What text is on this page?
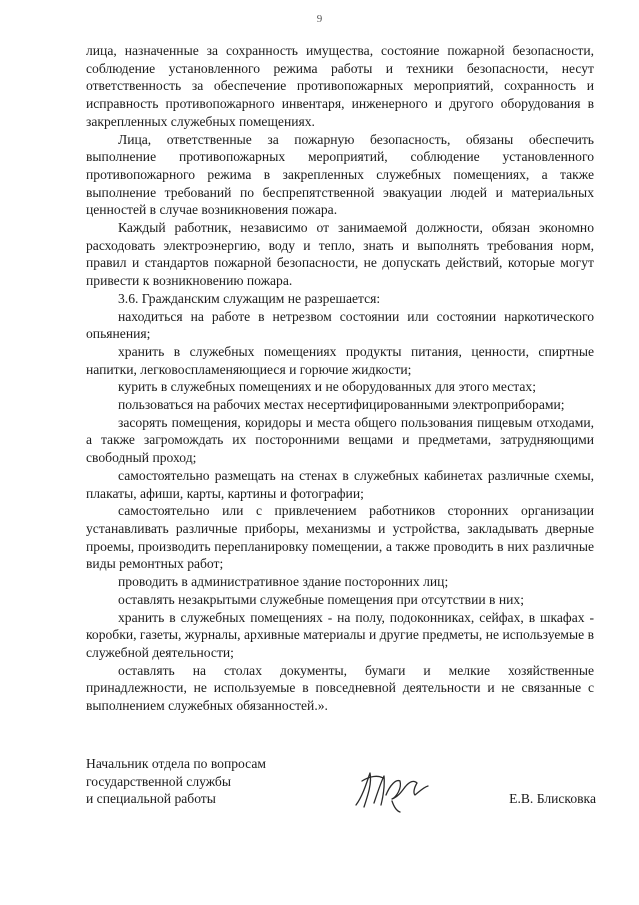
9

лица, назначенные за сохранность имущества, состояние пожарной безопасности, соблюдение установленного режима работы и техники безопасности, несут ответственность за обеспечение противопожарных мероприятий, сохранность и исправность противопожарного инвентаря, инженерного и другого оборудования в закрепленных служебных помещениях.

Лица, ответственные за пожарную безопасность, обязаны обеспечить выполнение противопожарных мероприятий, соблюдение установленного противопожарного режима в закрепленных служебных помещениях, а также выполнение требований по беспрепятственной эвакуации людей и материальных ценностей в случае возникновения пожара.

Каждый работник, независимо от занимаемой должности, обязан экономно расходовать электроэнергию, воду и тепло, знать и выполнять требования норм, правил и стандартов пожарной безопасности, не допускать действий, которые могут привести к возникновению пожара.

3.6. Гражданским служащим не разрешается:

находиться на работе в нетрезвом состоянии или состоянии наркотического опьянения;

хранить в служебных помещениях продукты питания, ценности, спиртные напитки, легковоспламеняющиеся и горючие жидкости;

курить в служебных помещениях и не оборудованных для этого местах;

пользоваться на рабочих местах несертифицированными электроприборами;

засорять помещения, коридоры и места общего пользования пищевым отходами, а также загромождать их посторонними вещами и предметами, затрудняющими свободный проход;

самостоятельно размещать на стенах в служебных кабинетах различные схемы, плакаты, афиши, карты, картины и фотографии;

самостоятельно или с привлечением работников сторонних организации устанавливать различные приборы, механизмы и устройства, закладывать дверные проемы, производить перепланировку помещении, а также проводить в них различные виды ремонтных работ;

проводить в административное здание посторонних лиц;

оставлять незакрытыми служебные помещения при отсутствии в них;

хранить в служебных помещениях - на полу, подоконниках, сейфах, в шкафах - коробки, газеты, журналы, архивные материалы и другие предметы, не используемые в служебной деятельности;

оставлять на столах документы, бумаги и мелкие хозяйственные принадлежности, не используемые в повседневной деятельности и не связанные с выполнением служебных обязанностей.».

Начальник отдела по вопросам
государственной службы
и специальной работы	Е.В. Блисковка
